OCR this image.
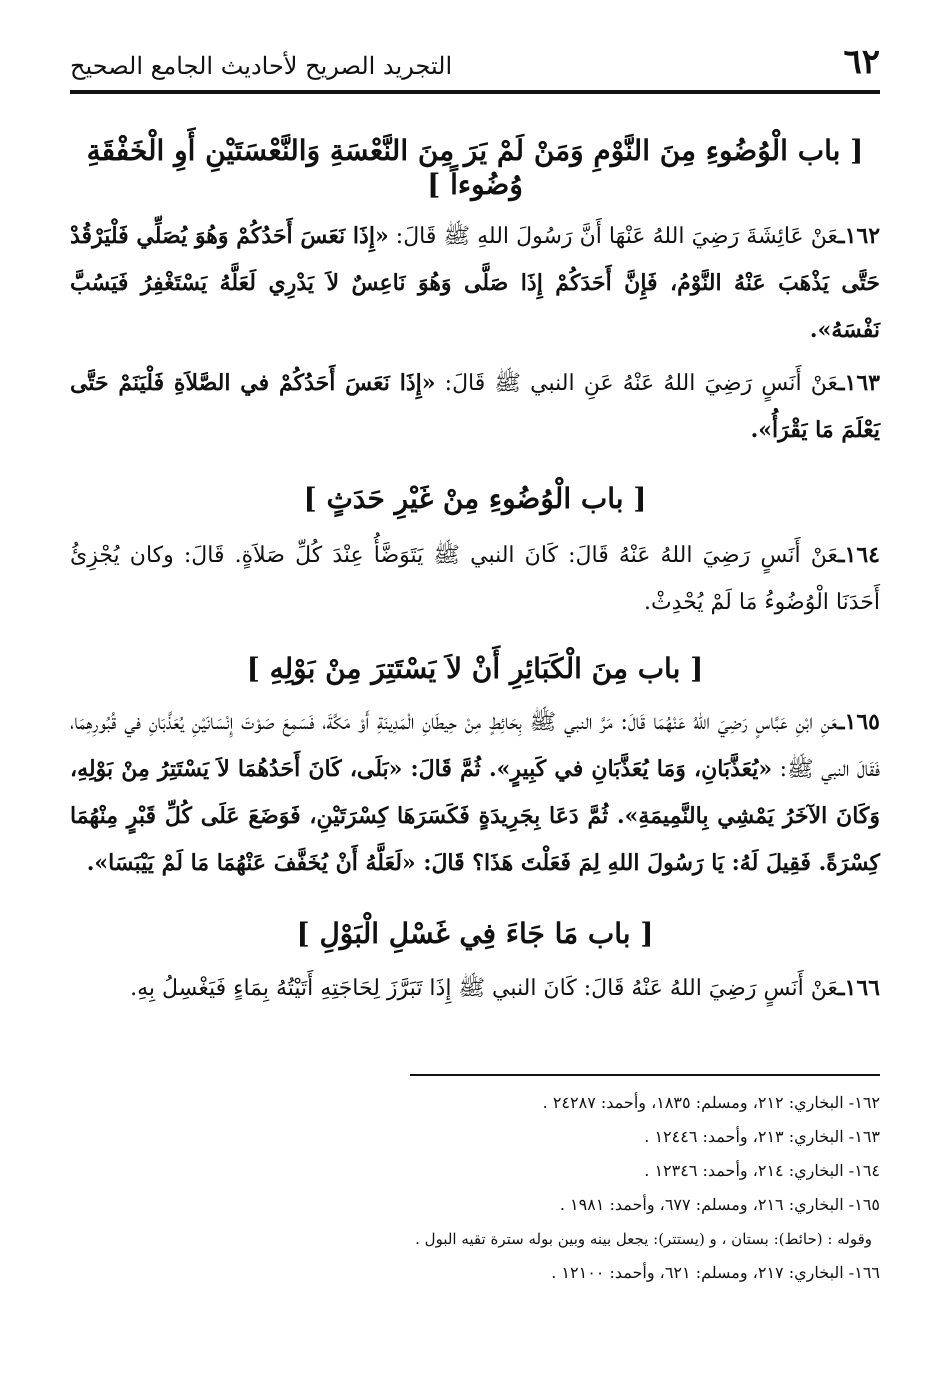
٦٢
التجريد الصريح لأحاديث الجامع الصحيح
[ باب الْوُضُوءِ مِنَ النَّوْمِ وَمَنْ لَمْ يَرَ مِنَ النَّعْسَةِ وَالنَّعْسَتَيْنِ أَوِ الْخَفْقَةِ وُضُوءاً ]

١٦٢ـعَنْ عَائِشَةَ رَضِيَ اللهُ عَنْهَا أَنَّ رَسُولَ اللهِ ﷺ قَالَ: «إِذَا نَعَسَ أَحَدُكُمْ وَهُوَ يُصَلِّي فَلْيَرْقُدْ حَتَّى يَذْهَبَ عَنْهُ النَّوْمُ، فَإِنَّ أَحَدَكُمْ إِذَا صَلَّى وَهُوَ نَاعِسٌ لاَ يَدْرِي لَعَلَّهُ يَسْتَغْفِرُ فَيَسُبَّ نَفْسَهُ».

١٦٣ـعَنْ أَنَسٍ رَضِيَ اللهُ عَنْهُ عَنِ النبي ﷺ قَالَ: «إِذَا نَعَسَ أَحَدُكُمْ في الصَّلاَةِ فَلْيَنَمْ حَتَّى يَعْلَمَ مَا يَقْرَأُ».

[ باب الْوُضُوءِ مِنْ غَيْرِ حَدَثٍ ]

١٦٤ـعَنْ أَنَسٍ رَضِيَ اللهُ عَنْهُ قَالَ: كَانَ النبي ﷺ يَتَوَضَّأُ عِنْدَ كُلِّ صَلاَةٍ. قَالَ: وكان يُجْزِئُ أَحَدَنَا الْوُضُوءُ مَا لَمْ يُحْدِثْ.

[ باب مِنَ الْكَبَائِرِ أَنْ لاَ يَسْتَتِرَ مِنْ بَوْلِهِ ]

١٦٥ـعَنِ ابْنِ عَبَّاسٍ رَضِيَ اللهُ عَنْهُمَا قَالَ: مَرَّ النبي ﷺ بِحَائِطٍ مِنْ حِيطَانِ الْمَدِينَةِ أَوْ مَكَّةَ، فَسَمِعَ صَوْتَ إِنْسَانَيْنِ يُعَذَّبَانِ في قُبُورِهِمَا، فَقَالَ النبي ﷺ: «يُعَذَّبَانِ، وَمَا يُعَذَّبَانِ في كَبِيرٍ». ثُمَّ قَالَ: «بَلَى، كَانَ أَحَدُهُمَا لاَ يَسْتَتِرُ مِنْ بَوْلِهِ، وَكَانَ الآخَرُ يَمْشِي بِالنَّمِيمَةِ». ثُمَّ دَعَا بِجَرِيدَةٍ فَكَسَرَهَا كِسْرَتَيْنِ، فَوَضَعَ عَلَى كُلِّ قَبْرٍ مِنْهُمَا كِسْرَةً. فَقِيلَ لَهُ: يَا رَسُولَ اللهِ لِمَ فَعَلْتَ هَذَا؟ قَالَ: «لَعَلَّهُ أَنْ يُخَفَّفَ عَنْهُمَا مَا لَمْ يَيْبَسَا».

[ باب مَا جَاءَ فِي غَسْلِ الْبَوْلِ ]

١٦٦ـعَنْ أَنَسٍ رَضِيَ اللهُ عَنْهُ قَالَ: كَانَ النبي ﷺ إِذَا تَبَرَّزَ لِحَاجَتِهِ أَتَيْتُهُ بِمَاءٍ فَيَغْسِلُ بِهِ.

١٦٢- البخاري: ٢١٢، ومسلم: ١٨٣٥، وأحمد: ٢٤٢٨٧ .
١٦٣- البخاري: ٢١٣، وأحمد: ١٢٤٤٦ .
١٦٤- البخاري: ٢١٤، وأحمد: ١٢٣٤٦ .
١٦٥- البخاري: ٢١٦، ومسلم: ٦٧٧، وأحمد: ١٩٨١ .
وقوله : (حائط): بستان ، و (يستتر): يجعل بينه وبين بوله سترة تقيه البول .
١٦٦- البخاري: ٢١٧، ومسلم: ٦٢١، وأحمد: ١٢١٠٠ .
